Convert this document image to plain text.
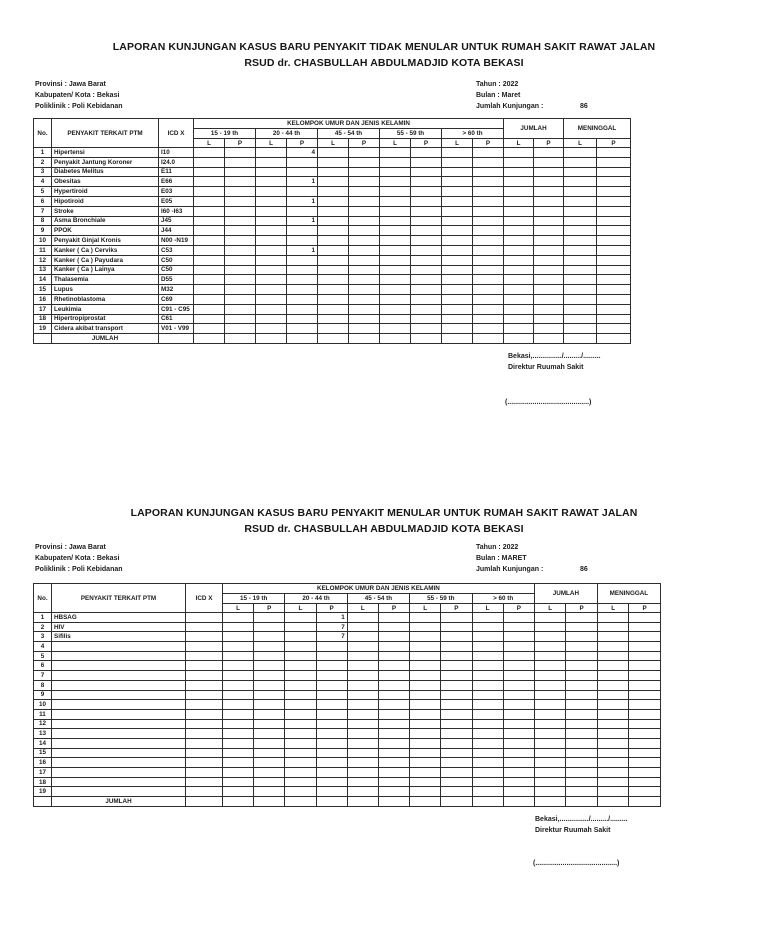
LAPORAN KUNJUNGAN KASUS BARU PENYAKIT TIDAK MENULAR UNTUK RUMAH SAKIT RAWAT JALAN
RSUD dr. CHASBULLAH ABDULMADJID KOTA BEKASI
Provinsi : Jawa Barat
Kabupaten/ Kota : Bekasi
Poliklinik : Poli Kebidanan
Tahun : 2022
Bulan : Maret
Jumlah Kunjungan :	86
No.	PENYAKIT TERKAIT PTM	ICD X	KELOMPOK UMUR DAN JENIS KELAMIN										JUMLAH		MENINGGAL	
			15 - 19 th		20 - 44 th		45 - 54 th		55 - 59 th		> 60 th					
			L	P	L	P	L	P	L	P	L	P	L	P	L	P
1	Hipertensi	I10				4										
2	Penyakit Jantung Koroner	I24.0														
3	Diabetes Melitus	E11														
4	Obesitas	E66				1										
5	Hypertiroid	E03														
6	Hipotiroid	E05				1										
7	Stroke	I60 -I63														
8	Asma Bronchiale	J45				1										
9	PPOK	J44														
10	Penyakit Ginjal Kronis	N00 -N19														
11	Kanker ( Ca ) Cerviks	C53				1										
12	Kanker ( Ca ) Payudara	C50														
13	Kanker ( Ca ) Lainya	C50														
14	Thalasemia	D55														
15	Lupus	M32														
16	Rhetinoblastoma	C69														
17	Leukimia	C91 - C95														
18	Hipertropiprostat	C61														
19	Cidera akibat transport	V01 - V99														
	JUMLAH															
Bekasi,.............../........./.........
Direktur Ruumah Sakit
(..........................................)
LAPORAN KUNJUNGAN KASUS BARU PENYAKIT MENULAR UNTUK RUMAH SAKIT RAWAT JALAN
RSUD dr. CHASBULLAH ABDULMADJID KOTA BEKASI
Provinsi : Jawa Barat
Kabupaten/ Kota : Bekasi
Poliklinik : Poli Kebidanan
Tahun : 2022
Bulan : MARET
Jumlah Kunjungan :	86
No.	PENYAKIT TERKAIT PTM	ICD X	KELOMPOK UMUR DAN JENIS KELAMIN										JUMLAH		MENINGGAL	
			15 - 19 th		20 - 44 th		45 - 54 th		55 - 59 th		> 60 th					
			L	P	L	P	L	P	L	P	L	P	L	P	L	P
1	HBSAG					1										
2	HIV					7										
3	Sifilis					7										
4																
5																
6																
7																
8																
9																
10																
11																
12																
13																
14																
15																
16																
17																
18																
19																
	JUMLAH															
Bekasi,.............../........./.........
Direktur Ruumah Sakit
(..........................................)
